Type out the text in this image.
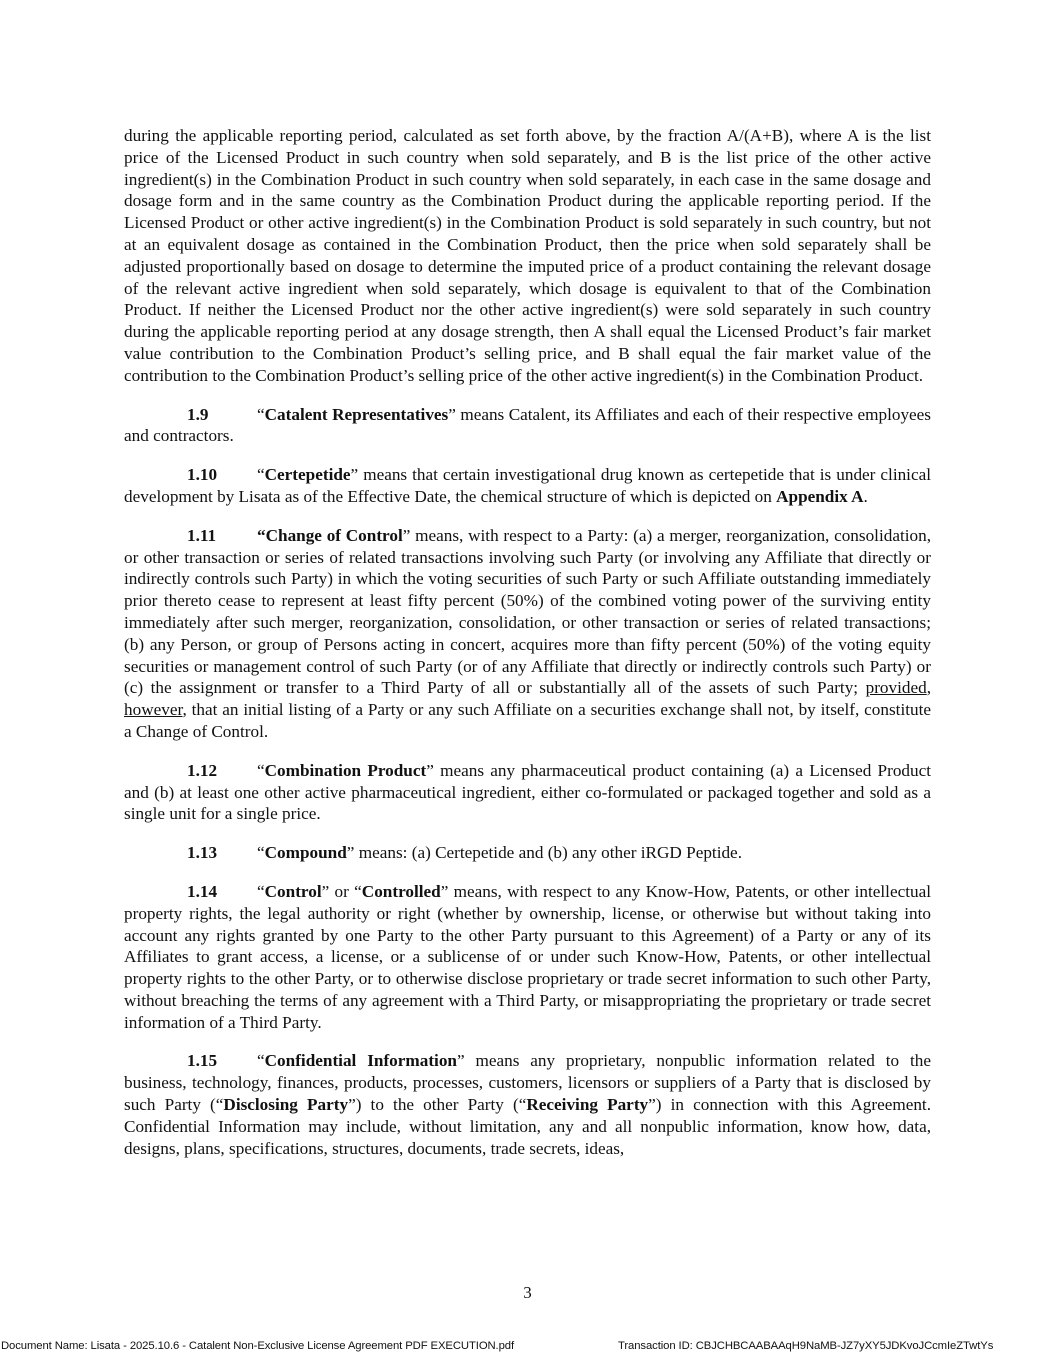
during the applicable reporting period, calculated as set forth above, by the fraction A/(A+B), where A is the list price of the Licensed Product in such country when sold separately, and B is the list price of the other active ingredient(s) in the Combination Product in such country when sold separately, in each case in the same dosage and dosage form and in the same country as the Combination Product during the applicable reporting period. If the Licensed Product or other active ingredient(s) in the Combination Product is sold separately in such country, but not at an equivalent dosage as contained in the Combination Product, then the price when sold separately shall be adjusted proportionally based on dosage to determine the imputed price of a product containing the relevant dosage of the relevant active ingredient when sold separately, which dosage is equivalent to that of the Combination Product. If neither the Licensed Product nor the other active ingredient(s) were sold separately in such country during the applicable reporting period at any dosage strength, then A shall equal the Licensed Product’s fair market value contribution to the Combination Product’s selling price, and B shall equal the fair market value of the contribution to the Combination Product’s selling price of the other active ingredient(s) in the Combination Product.

1.9	“Catalent Representatives” means Catalent, its Affiliates and each of their respective employees and contractors.

1.10 “Certepetide” means that certain investigational drug known as certepetide that is under clinical development by Lisata as of the Effective Date, the chemical structure of which is depicted on Appendix A.

1.11 “Change of Control” means, with respect to a Party: (a) a merger, reorganization, consolidation, or other transaction or series of related transactions involving such Party (or involving any Affiliate that directly or indirectly controls such Party) in which the voting securities of such Party or such Affiliate outstanding immediately prior thereto cease to represent at least fifty percent (50%) of the combined voting power of the surviving entity immediately after such merger, reorganization, consolidation, or other transaction or series of related transactions; (b) any Person, or group of Persons acting in concert, acquires more than fifty percent (50%) of the voting equity securities or management control of such Party (or of any Affiliate that directly or indirectly controls such Party) or (c) the assignment or transfer to a Third Party of all or substantially all of the assets of such Party; provided, however, that an initial listing of a Party or any such Affiliate on a securities exchange shall not, by itself, constitute a Change of Control.

1.12 “Combination Product” means any pharmaceutical product containing (a) a Licensed Product and (b) at least one other active pharmaceutical ingredient, either co-formulated or packaged together and sold as a single unit for a single price.

1.13 “Compound” means: (a) Certepetide and (b) any other iRGD Peptide.

1.14 “Control” or “Controlled” means, with respect to any Know-How, Patents, or other intellectual property rights, the legal authority or right (whether by ownership, license, or otherwise but without taking into account any rights granted by one Party to the other Party pursuant to this Agreement) of a Party or any of its Affiliates to grant access, a license, or a sublicense of or under such Know-How, Patents, or other intellectual property rights to the other Party, or to otherwise disclose proprietary or trade secret information to such other Party, without breaching the terms of any agreement with a Third Party, or misappropriating the proprietary or trade secret information of a Third Party.

1.15 “Confidential Information” means any proprietary, nonpublic information related to the business, technology, finances, products, processes, customers, licensors or suppliers of a Party that is disclosed by such Party (“Disclosing Party”) to the other Party (“Receiving Party”) in connection with this Agreement. Confidential Information may include, without limitation, any and all nonpublic information, know how, data, designs, plans, specifications, structures, documents, trade secrets, ideas,

3
Document Name: Lisata - 2025.10.6 - Catalent Non-Exclusive License Agreement PDF EXECUTION.pdf	Transaction ID: CBJCHBCAABAAqH9NaMB-JZ7yXY5JDKvoJCcmIeZTwtYs
